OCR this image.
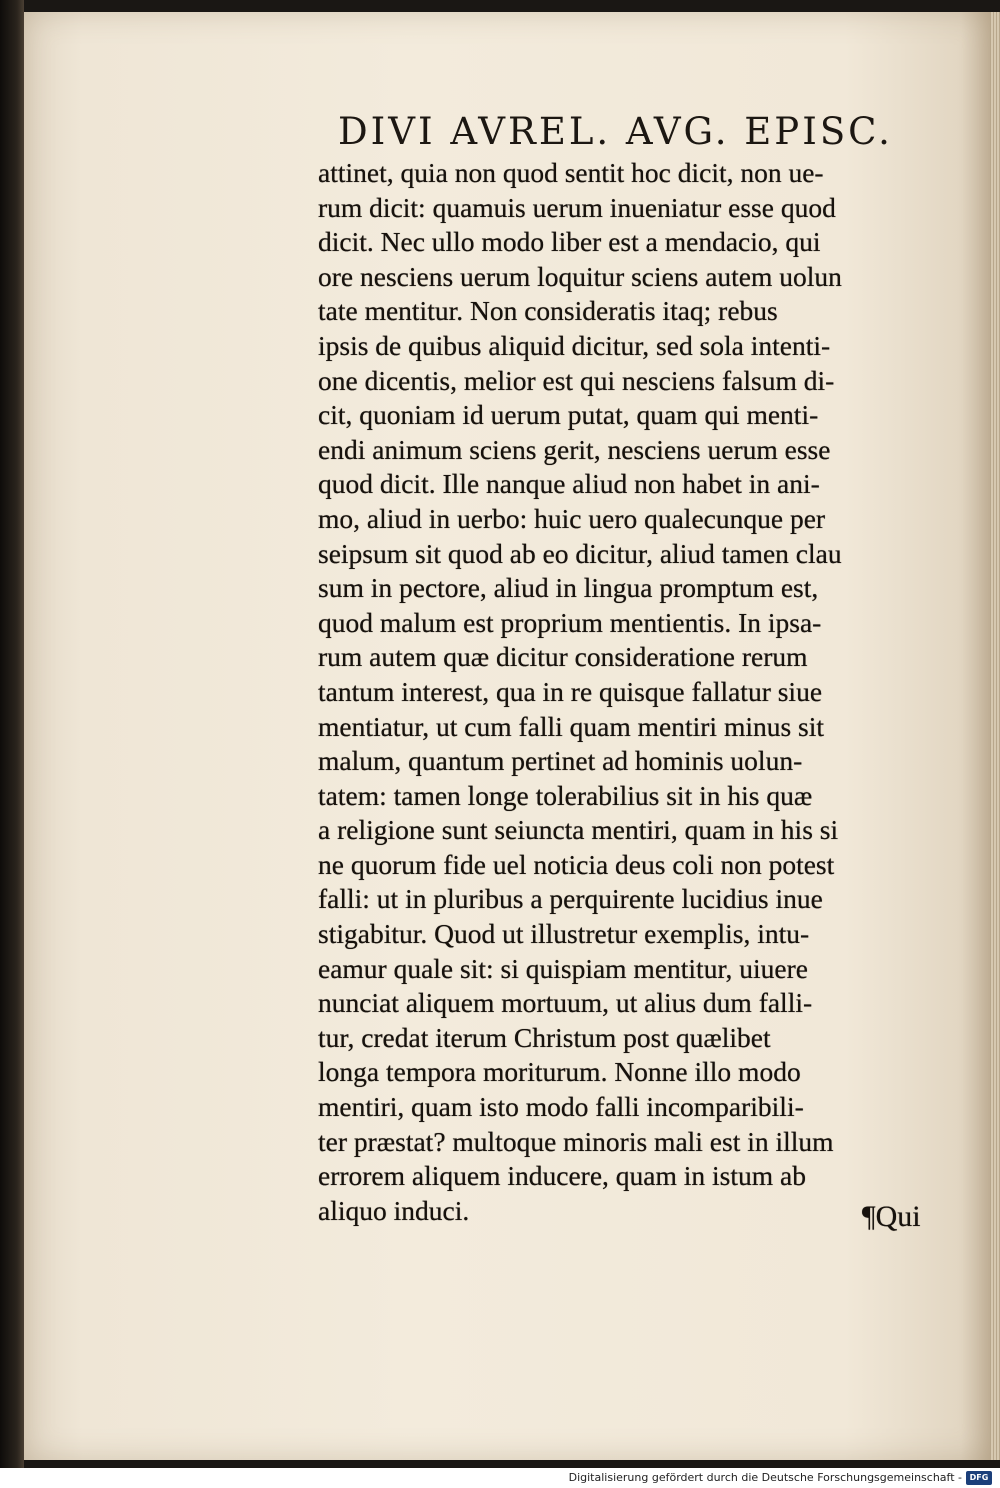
DIVI AVREL. AVG. EPISC.
attinet, quia non quod sentit hoc dicit, non ue-
rum dicit: quamuis uerum inueniatur esse quod
dicit. Nec ullo modo liber est a mendacio, qui
ore nesciens uerum loquitur sciens autem uolun
tate mentitur. Non consideratis itaq; rebus
ipsis de quibus aliquid dicitur, sed sola intenti-
one dicentis, melior est qui nesciens falsum di-
cit, quoniam id uerum putat, quam qui menti-
endi animum sciens gerit, nesciens uerum esse
quod dicit. Ille nanque aliud non habet in ani-
mo, aliud in uerbo: huic uero qualecunque per
seipsum sit quod ab eo dicitur, aliud tamen clau
sum in pectore, aliud in lingua promptum est,
quod malum est proprium mentientis. In ipsa-
rum autem quæ dicitur consideratione rerum
tantum interest, qua in re quisque fallatur siue
mentiatur, ut cum falli quam mentiri minus sit
malum, quantum pertinet ad hominis uolun-
tatem: tamen longe tolerabilius sit in his quæ
a religione sunt seiuncta mentiri, quam in his si
ne quorum fide uel noticia deus coli non potest
falli: ut in pluribus a perquirente lucidius inue
stigabitur. Quod ut illustretur exemplis, intu-
eamur quale sit: si quispiam mentitur, uiuere
nunciat aliquem mortuum, ut alius dum falli-
tur, credat iterum Christum post quælibet
longa tempora moriturum. Nonne illo modo
mentiri, quam isto modo falli incomparibili-
ter præstat? multoque minoris mali est in illum
errorem aliquem inducere, quam in istum ab
aliquo induci.	¶Qui
Digitalisierung gefördert durch die Deutsche Forschungsgemeinschaft - DFG
